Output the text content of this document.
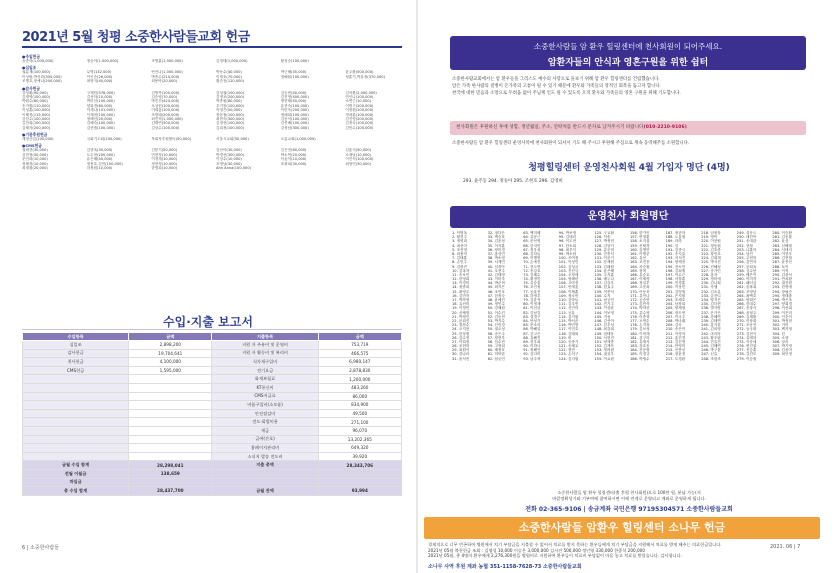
2021년 5월 청평 소중한사람들교회 헌금
●주일헌금
윤종학(1,000,000)	정승아(1,000,000)	조병훈(1,000,000)	김영태(1,000,000)	황성순(100,000)
●십일조
권분재(100,000)	무명(132,000)	안인나(1,000,000)	박동수(40,000)	박근혜(35,000)	윤주환(500,000)
이성탈,박선화(300,000)	이인순(26,000)	박종수(210,000)	이재호(70,000)	정해원(100,000)	정훈기,박유정(370,000)
조병호,정예나(200,000)	최영지(40,000)	최용탁(20,000)	황순천(120,000)
●감사헌금
강성휘(90,000)	구재민(576,000)	김병목(100,000)	김성권(100,000)	김승빈(40,000)	김석환(2,000,000)
김재영(100,000)	김선아(10,000)	김순영(70,000)	김영조(200,000)	김진영(400,000)	민인나(100,000)
박원수(60,000)	박미선(100,000)	박진건(424,000)	박종원(80,000)	방현태(50,000)	소연근(10,000)
송가환(110,000)	양희경(60,000)	오상헌(100,000)	우기봉(100,000)	유현숙(100,000)	이명구(200,000)
이성훈(100,000)	이세나(101,000)	이세홍(100,000)	이영은(50,000)	이민욱(200,000)	이정원(100,000)
이혜경(115,000)	이재현(100,000)	조명래(200,000)	장동철(100,000)	정배희(100,000)	정대훈(100,000)
김한수(100,000)	정혜선(20,000)	최진혁(1,000,000)	최현숙(300,000)	김동석(100,000)	김진영(200,000)
김찬희(100,000)	김혜숙(100,000)	김태연(500,000)	김정현(100,000)	김종배(100,000)	김정숙(100,000)
김혜자(200,000)	김현철(100,000)	김상수(100,000)	김희정(100,000)	김성남(300,000)	김민수(100,000)
●기관후원헌금
계영산업(100,000)	국회기도회(200,000)	목회자후원센터(50,000)	서울시교회(50,000)	오륜교회(1,000,000)
●CMS헌금
권태현(30,000)	김귀옥(30,000)	김봉기(50,000)	김선아(30,000)	김은진(60,000)	김홍석(50,000)
김현정(50,000)	도두현(200,000)	민현정(10,000)	박경선(300,000)	박소연(20,000)	소재남(10,000)
문인화(10,000)	유은혜(40,000)	이경재(10,000)	이상수(10,000)	이윤석(10,000)	이진석(100,000)
정혜경(10,000)	정용호,김민(100,000)	정현정(10,000)	조영남(30,000)	조광희(30,000)	최영민(30,000)
최재원(20,000)	하정원(10,000)	한명희(10,000)	Ahn Anna(100,000)
수입·지출 보고서
수입항목	금액	지출항목	금액
십일조	2,898,200	지원 자 주유비 및 운영비	753,719
감사헌금	19,704,641	지원 자 활동비 및 복리비	466,575
천사헌금	4,100,000	식자재구입비	6,980,147
CMS헌금	1,595,000	전기요금	2,878,830
		화재보험료	1,200,000
		KT통신비	483,260
		CMS지급료	86,000
		비품구입비(소모품)	834,900
		안전점검비	49,500
		전도·회발비용	271,100
		세금	96,070
		급여(간호)	13,202,365
		홈페이지관리비	649,320
		소식지 발송 전도비	39,920
금월 수입 합계	28,298,041	지출 총액	28,343,706
전월 이월금	138,659		
차입금			
총 수입 합계	28,437,700	금월 잔액	93,994
6 | 소중한사람들
소중한사람들 암 환우 힐링센터에 천사회원이 되어주세요.
암환자들의 안식과 영혼구원을 위한 쉼터
소중한사람교회에서는 암 환우들을 그리스도 예수의 사랑으로 돌보기 위해 암 환우 힐링센터를 건립했습니다.
암은 가족 한사람의 질병이 온가족의 고통이 될 수 있기 때문에 환우와 가족들의 영적인 회복을 돕고자 합니다.
천국에 대한 믿음과 소망으로 두려움 없이 주님께 인도 될 수 있도록 오직 환우와 가족들의 영혼 구원을 위해 기도합니다.
천사회원은 후원하신 후에 성함, 생년월일, 주소, 연락처를 반드시 문자로 남겨주시기 바랍니다(010-2210-9106)
소중한사람들 암 환우 힐링센터 운영사역에 천사회원이 되셔서 기도 해 주시고 후원해 주심으로 계속 동역해주를 소원합니다.
청평힐링센터 운영천사회원 4월 가입자 명단 (4명)
293. 윤주동 294. 정승아 295. 조현호 296. 김영희
운영천사 회원명단
1. 이명옥
2. 황진주
3. 정영희
4. 최선아
5. 조진영
6. 곽용자
7. 김태훈
8. 손민주
9. 김광진
10. 김옥자
11. 송보민
12. 한영희
13. 이경미
14. 정중희
15. 최영주
16. 김민자
17. 박하영
18. 유선미
19. 이정민
20. 신혜영
21. 박정인
22. 문희진
23. 정찬수
24. 오지현
25. 한상철
26. 김수영
27. 이희정
28. 조현미
29. 최원석
30. 강나리
31. 윤석진
32. 정다은
33. 백승호
34. 김윤정
35. 이지훈
36. 장미경
37. 홍성민
38. 박소영
39. 서재민
40. 임경아
41. 오현주
42. 김태영
43. 이미숙
44. 박준혁
45. 최지은
46. 조민호
47. 한정숙
48. 윤예진
49. 정민수
50. 강혜원
51. 이수진
52. 김동현
53. 박지수
54. 신민경
55. 권오성
56. 송은주
57. 장현우
58. 임수빈
59. 고영희
60. 배정호
61. 허미란
62. 남궁민
63. 백지혜
64. 유동근
65. 문선영
66. 한지민
67. 정우성
68. 김하늘
69. 이병헌
70. 손예진
71. 전도연
72. 송강호
73. 김혜수
74. 황정민
75. 류승룡
76. 조인성
77. 공효진
78. 하정우
79. 김윤석
80. 이정재
81. 이선균
82. 김남길
83. 설경구
84. 안성기
85. 문소리
86. 박해일
87. 김고은
88. 유해진
89. 천우희
90. 이하늬
91. 정해인
92. 김다미
93. 남주혁
94. 박보영
95. 김태리
96. 이도현
97. 한소희
98. 최우식
99. 박소담
100. 조여정
101. 이성민
102. 김성균
103. 진선규
104. 오정세
105. 염혜란
106. 고아성
107. 안재홍
108. 이제훈
109. 정소민
110. 강하늘
111. 김우빈
112. 신민아
113. 공유
114. 김지원
115. 박서준
116. 박민영
117. 이민호
118. 김태희
119. 비
120. 송중기
121. 송혜교
122. 현빈
123. 손석구
124. 김지원
125. 구교환
126. 이솜
127. 박정민
128. 김향기
129. 류준열
130. 전종서
131. 이준기
132. 문채원
133. 김래원
134. 윤은혜
135. 주지훈
136. 배두나
137. 김강우
138. 한효주
139. 이종석
140. 수지
141. 남궁민
142. 진기주
143. 이상윤
144. 이보영
145. 지성
146. 김선아
147. 감우성
148. 최강희
149. 엄태웅
150. 서현진
151. 양세종
152. 김재욱
153. 정려원
154. 권상우
155. 이요원
156. 한가인
157. 연정훈
158. 소지섭
159. 신세경
160. 김명민
161. 이병준
162. 유선
163. 조진웅
164. 차승원
165. 장혁
166. 유승호
167. 이세영
168. 정일우
169. 고준희
170. 이동욱
171. 유인나
172. 공승연
173. 김민석
174. 박하선
175. 류수영
176. 이종혁
177. 오연수
178. 손지창
179. 김보성
180. 이혁재
181. 김구라
182. 유재석
183. 강호동
184. 신동엽
185. 이경규
186. 박명수
187. 정준하
188. 노홍철
189. 하하
190. 길
191. 김종국
192. 송지효
193. 지석진
194. 양세찬
195. 전소민
196. 김희철
197. 이수근
198. 서장훈
199. 민경훈
200. 이상민
201. 김영철
202. 은지원
203. 조세호
204. 남창희
205. 양세형
206. 장도연
207. 이국주
208. 박나래
209. 김숙
210. 송은이
211. 이영자
212. 홍진경
213. 김신영
214. 안영미
215. 신봉선
216. 장윤정
217. 도경완
218. 임영웅
219. 영탁
220. 이찬원
221. 정동원
222. 김호중
223. 장민호
224. 김희재
225. 박서진
226. 진해성
227. 송가인
228. 홍자
229. 정미애
230. 김나희
231. 숙행
232. 김소유
233. 금잔디
234. 양지은
235. 김다현
236. 별사랑
237. 은가은
238. 강혜연
239. 김태연
240. 홍지윤
241. 김의영
242. 마리아
243. 황우림
244. 전유진
245. 김혜연
246. 박구윤
247. 신유
248. 조항조
249. 설운도
250. 태진아
251. 송대관
252. 현철
253. 나훈아
254. 남진
255. 주현미
256. 김연자
257. 문희옥
258. 심수봉
259. 혜은이
260. 이미자
261. 패티김
262. 윤복희
263. 조영남
264. 최백호
265. 양희은
266. 한대수
267. 송창식
268. 윤형주
269. 김세환
270. 이장희
271. 조동진
272. 들국화
273. 김현식
274. 유재하
275. 이문세
276. 변진섭
277. 신승훈
278. 김건모
279. 이승철
280. 이승환
281. 김동률
282. 윤상
283. 신해철
284. 서태지
285. 이현우
286. 김현철
287. 윤종신
288. 토이
289. 이적
290. 김광석
291. 안치환
292. 권진원
293. 한영애
294. 장필순
295. 정태춘
296. 박은옥
297. 양희경
298. 이선희
299. 이은미
300. 인순이
301. 박정현
302. 거미
303. 백지영
304. 린
305. 소향
306. 알리
307. 박기영
308. 김윤아
309. 최인영
소중한사람들 암 환우 힐링센터(출 후원 천사회원)으로 100만 원, 분납 가능(서
바깥정확성기와 기부여에 참여하시면 이에 연계로 운영되고 계좌로 운영하게 됩니다.
전화 02-365-9106 | 송금계좌 국민은행 97195304571 소중한사람들교회
소중한사람들 암환우 힐링센터 소나무 헌금
경제적으로 너무 빈곤하여 병원에서 치기 부담금을 지불할 수 없어서 치료를 받지 못하는 환우들에게 치기 부담금을 지원해서 치료를 받게 해주는 의료헌금입니다.
2021년 05월 북천헌금 조회 : 김영성 10,000 이승은 3,000,000 김서진 500,000 정인영 330,000 한종석 200,000
2021년 05월, 총 4명의 환우에게 2,276,300원을 병원비로 지원하여 환우들이 치료비 부담없이 마음 놓고 치료를 받았습니다. 감사합니다.
소나무 사역 후원 계좌 농협 351-1158-7628-73 소중한사람들교회
2021. 06 | 7
